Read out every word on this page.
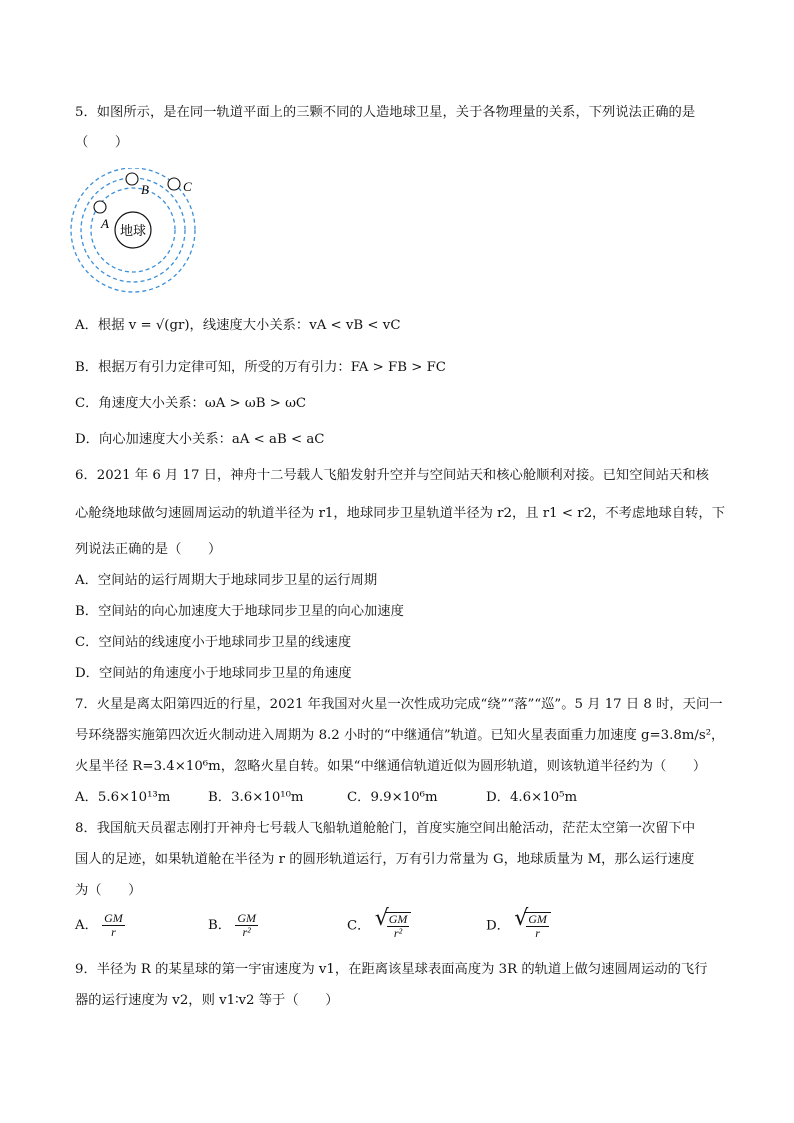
5．如图所示，是在同一轨道平面上的三颗不同的人造地球卫星，关于各物理量的关系，下列说法正确的是
（　　）
地球
A
B	C
A．根据 v = √(gr)，线速度大小关系：vA < vB < vC
B．根据万有引力定律可知，所受的万有引力：FA > FB > FC
C．角速度大小关系：ωA > ωB > ωC
D．向心加速度大小关系：aA < aB < aC
6．2021 年 6 月 17 日，神舟十二号载人飞船发射升空并与空间站天和核心舱顺利对接。已知空间站天和核
心舱绕地球做匀速圆周运动的轨道半径为 r1，地球同步卫星轨道半径为 r2，且 r1 < r2，不考虑地球自转，下
列说法正确的是（　　）
A．空间站的运行周期大于地球同步卫星的运行周期
B．空间站的向心加速度大于地球同步卫星的向心加速度
C．空间站的线速度小于地球同步卫星的线速度
D．空间站的角速度小于地球同步卫星的角速度
7．火星是离太阳第四近的行星，2021 年我国对火星一次性成功完成“绕”“落”“巡”。5 月 17 日 8 时，天问一
号环绕器实施第四次近火制动进入周期为 8.2 小时的“中继通信”轨道。已知火星表面重力加速度 g=3.8m/s²，
火星半径 R=3.4×10⁶m，忽略火星自转。如果“中继通信轨道近似为圆形轨道，则该轨道半径约为（　　）
A．5.6×10¹³m	B．3.6×10¹⁰m	C．9.9×10⁶m	D．4.6×10⁵m
8．我国航天员翟志刚打开神舟七号载人飞船轨道舱舱门，首度实施空间出舱活动，茫茫太空第一次留下中
国人的足迹，如果轨道舱在半径为 r 的圆形轨道运行，万有引力常量为 G，地球质量为 M，那么运行速度
为（　　）
A． $\frac{GM}{r}$	B． $\frac{GM}{\text{r²}}$	C． √
$\frac{GM}{\text{r²}}$	D． √
$\frac{GM}{r}$
9．半径为 R 的某星球的第一宇宙速度为 v1，在距离该星球表面高度为 3R 的轨道上做匀速圆周运动的飞行
器的运行速度为 v2，则 v1∶v2 等于（　　）
